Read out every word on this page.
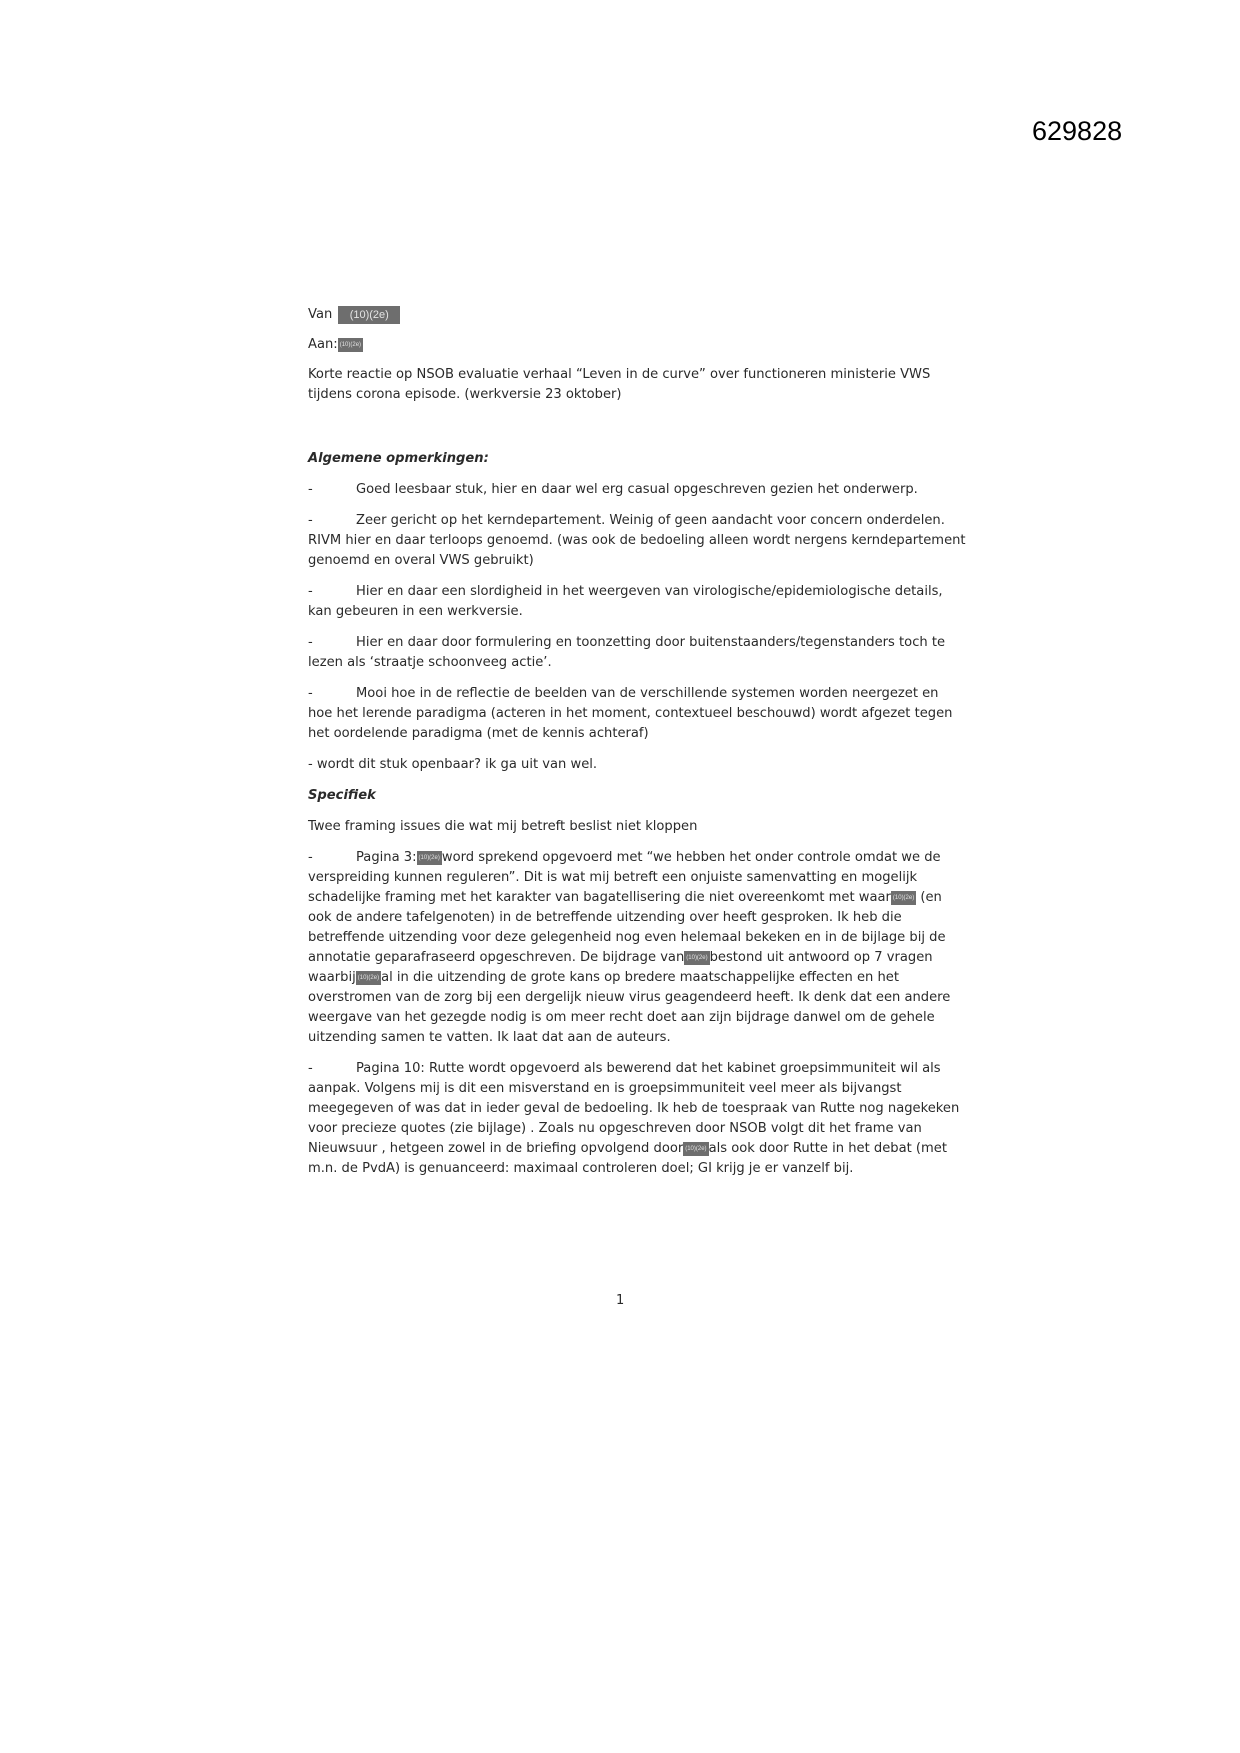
629828

Van (10)(2e)

Aan: (10)(2e)

Korte reactie op NSOB evaluatie verhaal “Leven in de curve” over functioneren ministerie VWS
tijdens corona episode. (werkversie 23 oktober)

Algemene opmerkingen:

-	Goed leesbaar stuk, hier en daar wel erg casual opgeschreven gezien het onderwerp.

-	Zeer gericht op het kerndepartement. Weinig of geen aandacht voor concern onderdelen.
RIVM hier en daar terloops genoemd. (was ook de bedoeling alleen wordt nergens kerndepartement
genoemd en overal VWS gebruikt)

-	Hier en daar een slordigheid in het weergeven van virologische/epidemiologische details,
kan gebeuren in een werkversie.

-	Hier en daar door formulering en toonzetting door buitenstaanders/tegenstanders toch te
lezen als ‘straatje schoonveeg actie’.

-	Mooi hoe in de reflectie de beelden van de verschillende systemen worden neergezet en
hoe het lerende paradigma (acteren in het moment, contextueel beschouwd) wordt afgezet tegen
het oordelende paradigma (met de kennis achteraf)

- wordt dit stuk openbaar? ik ga uit van wel.

Specifiek

Twee framing issues die wat mij betreft beslist niet kloppen

-	Pagina 3: (10)(2e) word sprekend opgevoerd met “we hebben het onder controle omdat we de
verspreiding kunnen reguleren”. Dit is wat mij betreft een onjuiste samenvatting en mogelijk
schadelijke framing met het karakter van bagatellisering die niet overeenkomt met waar (10)(2e) (en
ook de andere tafelgenoten) in de betreffende uitzending over heeft gesproken. Ik heb die
betreffende uitzending voor deze gelegenheid nog even helemaal bekeken en in de bijlage bij de
annotatie geparafraseerd opgeschreven. De bijdrage van (10)(2e) bestond uit antwoord op 7 vragen
waarbij (10)(2e) al in die uitzending de grote kans op bredere maatschappelijke effecten en het
overstromen van de zorg bij een dergelijk nieuw virus geagendeerd heeft. Ik denk dat een andere
weergave van het gezegde nodig is om meer recht doet aan zijn bijdrage danwel om de gehele
uitzending samen te vatten. Ik laat dat aan de auteurs.

-	Pagina 10: Rutte wordt opgevoerd als bewerend dat het kabinet groepsimmuniteit wil als
aanpak. Volgens mij is dit een misverstand en is groepsimmuniteit veel meer als bijvangst
meegegeven of was dat in ieder geval de bedoeling. Ik heb de toespraak van Rutte nog nagekeken
voor precieze quotes (zie bijlage) . Zoals nu opgeschreven door NSOB volgt dit het frame van
Nieuwsuur , hetgeen zowel in de briefing opvolgend door (10)(2e) als ook door Rutte in het debat (met
m.n. de PvdA) is genuanceerd: maximaal controleren doel; GI krijg je er vanzelf bij.

1
